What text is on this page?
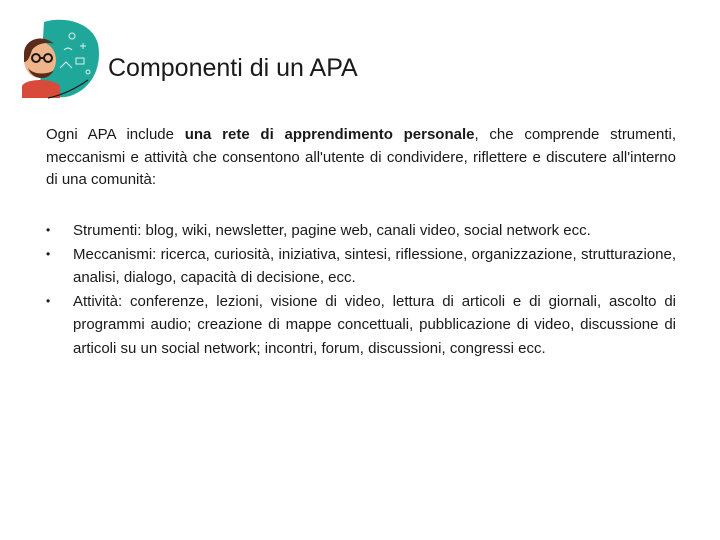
Componenti di un APA

Ogni APA include una rete di apprendimento personale, che comprende strumenti, meccanismi e attività che consentono all'utente di condividere, riflettere e discutere all'interno di una comunità:

• Strumenti: blog, wiki, newsletter, pagine web, canali video, social network ecc.
• Meccanismi: ricerca, curiosità, iniziativa, sintesi, riflessione, organizzazione, strutturazione, analisi, dialogo, capacità di decisione, ecc.
• Attività: conferenze, lezioni, visione di video, lettura di articoli e di giornali, ascolto di programmi audio; creazione di mappe concettuali, pubblicazione di video, discussione di articoli su un social network; incontri, forum, discussioni, congressi ecc.
